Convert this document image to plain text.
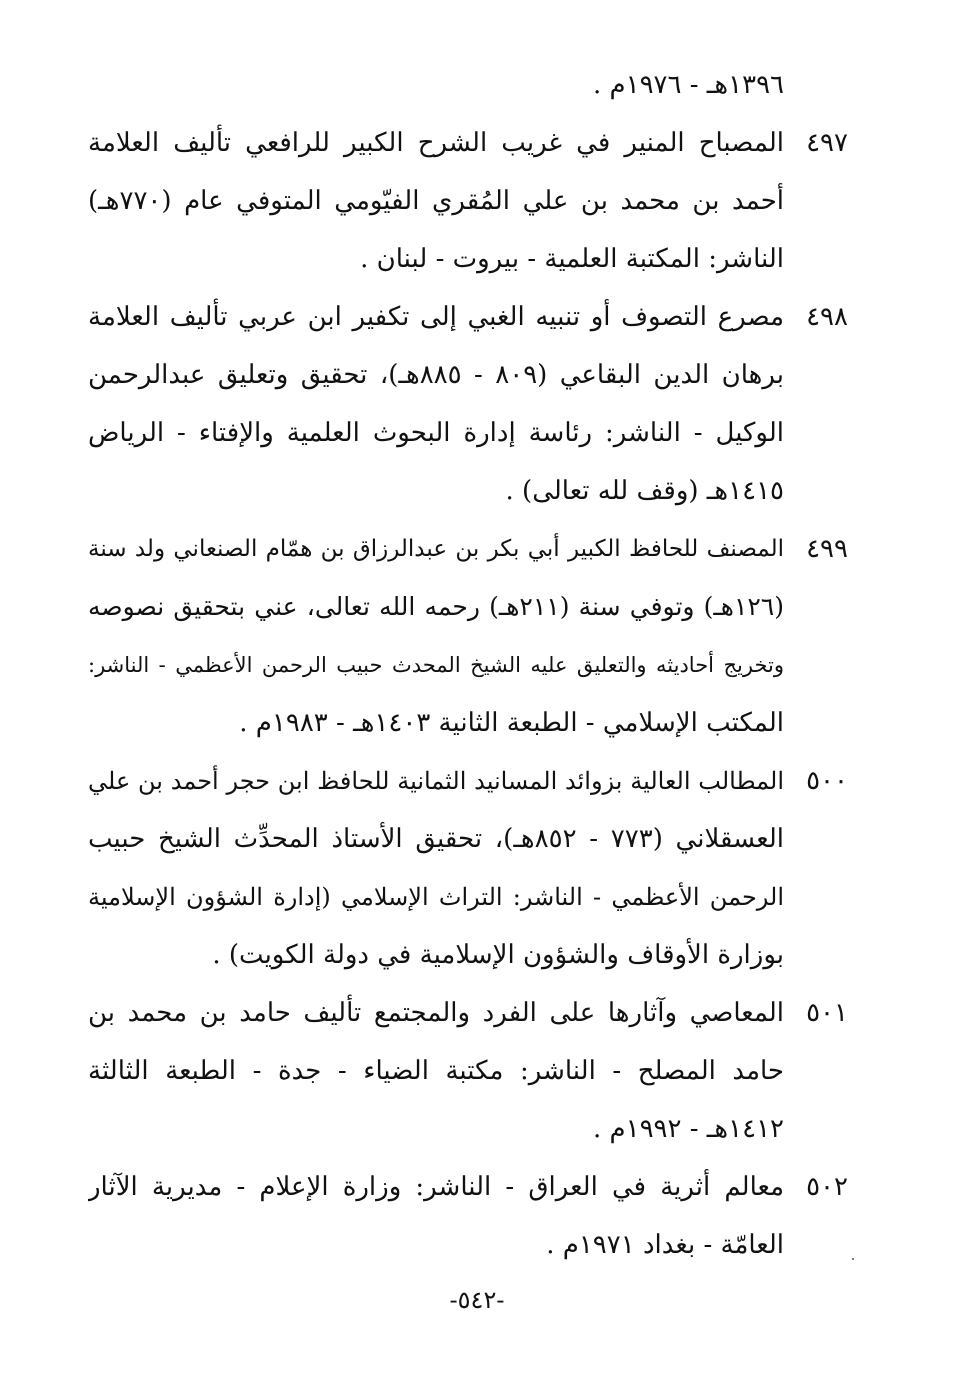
١٣٩٦هـ - ١٩٧٦م .
٤٩٧
المصباح المنير في غريب الشرح الكبير للرافعي تأليف العلامة
أحمد بن محمد بن علي المُقري الفيّومي المتوفي عام (٧٧٠هـ)
الناشر: المكتبة العلمية - بيروت - لبنان .
٤٩٨
مصرع التصوف أو تنبيه الغبي إلى تكفير ابن عربي تأليف العلامة
برهان الدين البقاعي (٨٠٩ - ٨٨٥هـ)، تحقيق وتعليق عبدالرحمن
الوكيل - الناشر: رئاسة إدارة البحوث العلمية والإفتاء - الرياض
١٤١٥هـ (وقف لله تعالى) .
٤٩٩
المصنف للحافظ الكبير أبي بكر بن عبدالرزاق بن همّام الصنعاني ولد سنة
(١٢٦هـ) وتوفي سنة (٢١١هـ) رحمه الله تعالى، عني بتحقيق نصوصه
وتخريج أحاديثه والتعليق عليه الشيخ المحدث حبيب الرحمن الأعظمي - الناشر:
المكتب الإسلامي - الطبعة الثانية ١٤٠٣هـ - ١٩٨٣م .
٥٠٠
المطالب العالية بزوائد المسانيد الثمانية للحافظ ابن حجر أحمد بن علي
العسقلاني (٧٧٣ - ٨٥٢هـ)، تحقيق الأستاذ المحدِّث الشيخ حبيب
الرحمن الأعظمي - الناشر: التراث الإسلامي (إدارة الشؤون الإسلامية
بوزارة الأوقاف والشؤون الإسلامية في دولة الكويت) .
٥٠١
المعاصي وآثارها على الفرد والمجتمع تأليف حامد بن محمد بن
حامد المصلح - الناشر: مكتبة الضياء - جدة - الطبعة الثالثة
١٤١٢هـ - ١٩٩٢م .
٥٠٢
معالم أثرية في العراق - الناشر: وزارة الإعلام - مديرية الآثار
العامّة - بغداد ١٩٧١م .
-٥٤٢-
